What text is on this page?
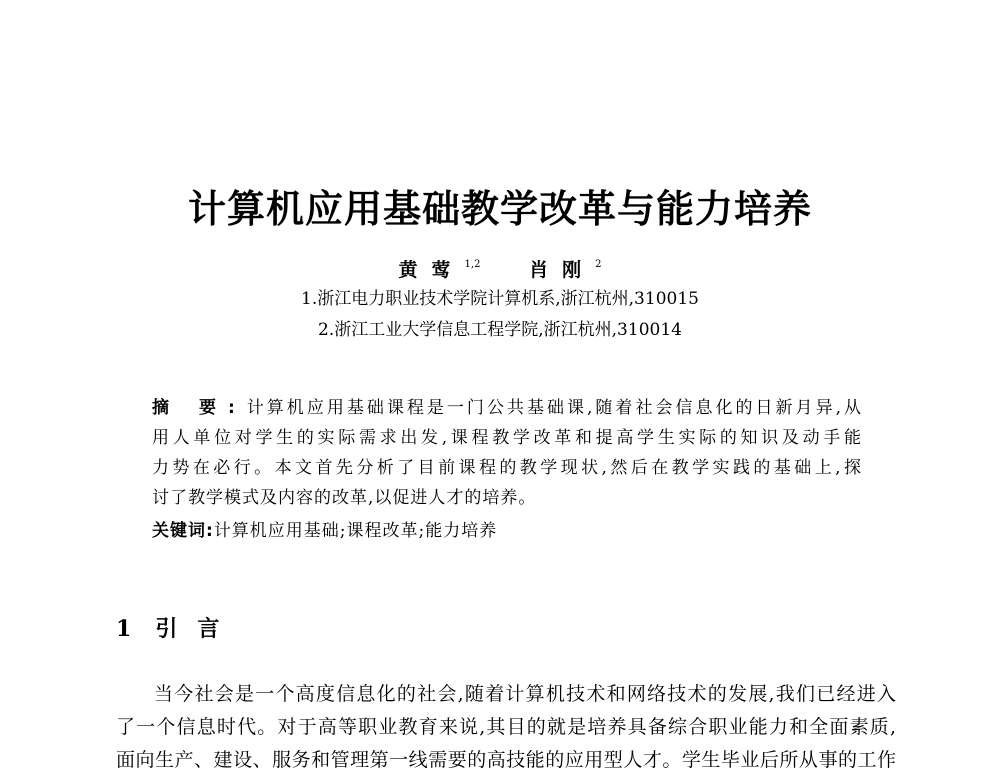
计算机应用基础教学改革与能力培养
黄莺$^{1,2}$	肖刚$^2$
1.浙江电力职业技术学院计算机系,浙江杭州,310015
2.浙江工业大学信息工程学院,浙江杭州,310014
摘 要:计算机应用基础课程是一门公共基础课,随着社会信息化的日新月异,从
用人单位对学生的实际需求出发,课程教学改革和提高学生实际的知识及动手能
力势在必行。本文首先分析了目前课程的教学现状,然后在教学实践的基础上,探
讨了教学模式及内容的改革,以促进人才的培养。
关键词:计算机应用基础;课程改革;能力培养
1 引言
当今社会是一个高度信息化的社会,随着计算机技术和网络技术的发展,我们已经进入
了一个信息时代。对于高等职业教育来说,其目的就是培养具备综合职业能力和全面素质,
面向生产、建设、服务和管理第一线需要的高技能的应用型人才。学生毕业后所从事的工作
